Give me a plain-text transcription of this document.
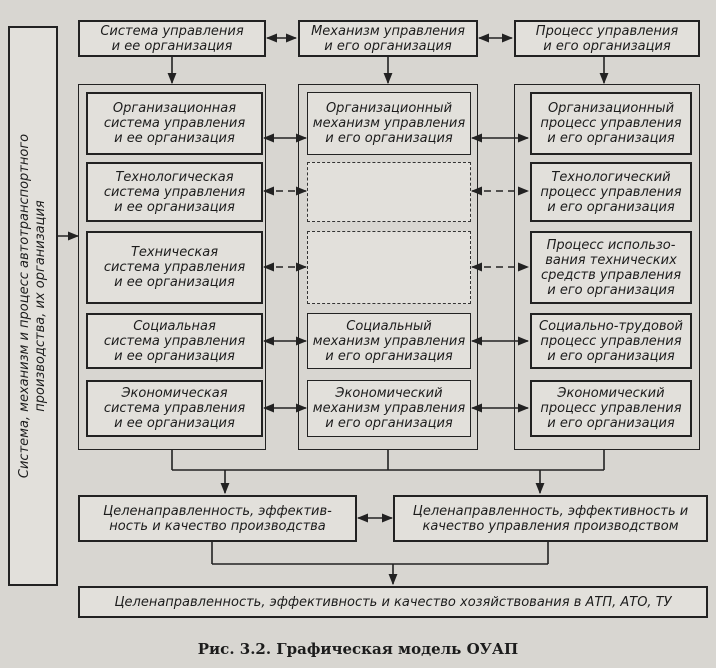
Система, механизм и процесс автотранспортного
производства, их организация
Система управления
и ее организация
Механизм управления
и его организация
Процесс управления
и его организация
Организационная
система управления
и ее организация
Организационный
механизм управления
и его организация
Организационный
процесс управления
и его организация
Технологическая
система управления
и ее организация
Технологический
процесс управления
и его организация
Техническая
система управления
и ее организация
Процесс использо-
вания технических
средств управления
и его организация
Социальная
система управления
и ее организация
Социальный
механизм управления
и его организация
Социально-трудовой
процесс управления
и его организация
Экономическая
система управления
и ее организация
Экономический
механизм управления
и его организация
Экономический
процесс управления
и его организация
Целенаправленность, эффектив-
ность и качество производства
Целенаправленность, эффективность и
качество управления производством
Целенаправленность, эффективность и качество хозяйствования в АТП, АТО, ТУ
Рис. 3.2. Графическая модель ОУАП
